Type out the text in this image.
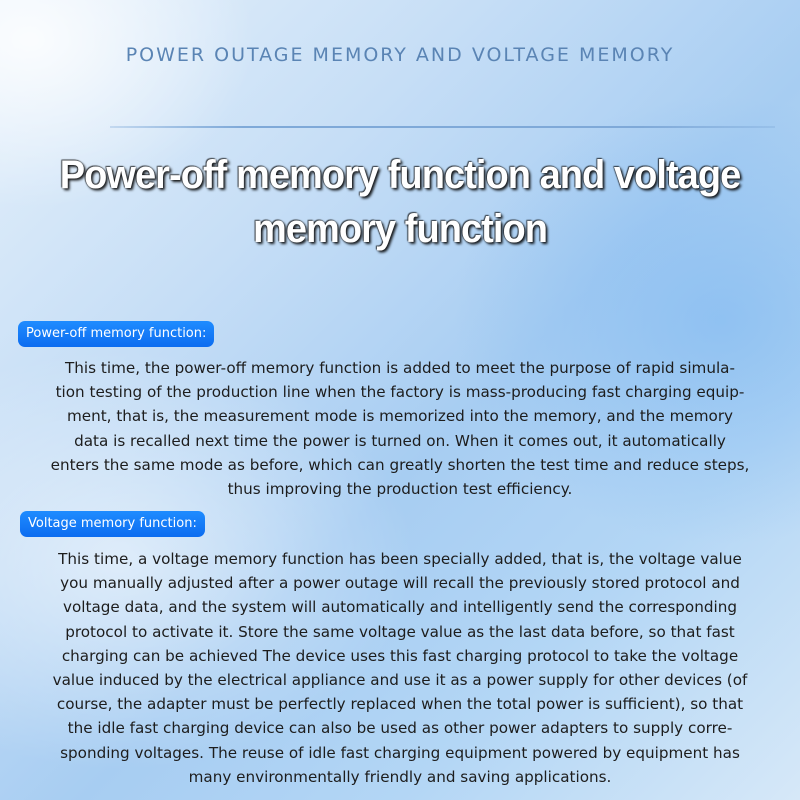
POWER OUTAGE MEMORY AND VOLTAGE MEMORY
Power-off memory function and voltage
memory function
Power-off memory function:
This time, the power-off memory function is added to meet the purpose of rapid simula-
tion testing of the production line when the factory is mass-producing fast charging equip-
ment, that is, the measurement mode is memorized into the memory, and the memory
data is recalled next time the power is turned on. When it comes out, it automatically
enters the same mode as before, which can greatly shorten the test time and reduce steps,
thus improving the production test efficiency.
Voltage memory function:
This time, a voltage memory function has been specially added, that is, the voltage value
you manually adjusted after a power outage will recall the previously stored protocol and
voltage data, and the system will automatically and intelligently send the corresponding
protocol to activate it. Store the same voltage value as the last data before, so that fast
charging can be achieved The device uses this fast charging protocol to take the voltage
value induced by the electrical appliance and use it as a power supply for other devices (of
course, the adapter must be perfectly replaced when the total power is sufficient), so that
the idle fast charging device can also be used as other power adapters to supply corre-
sponding voltages. The reuse of idle fast charging equipment powered by equipment has
many environmentally friendly and saving applications.
